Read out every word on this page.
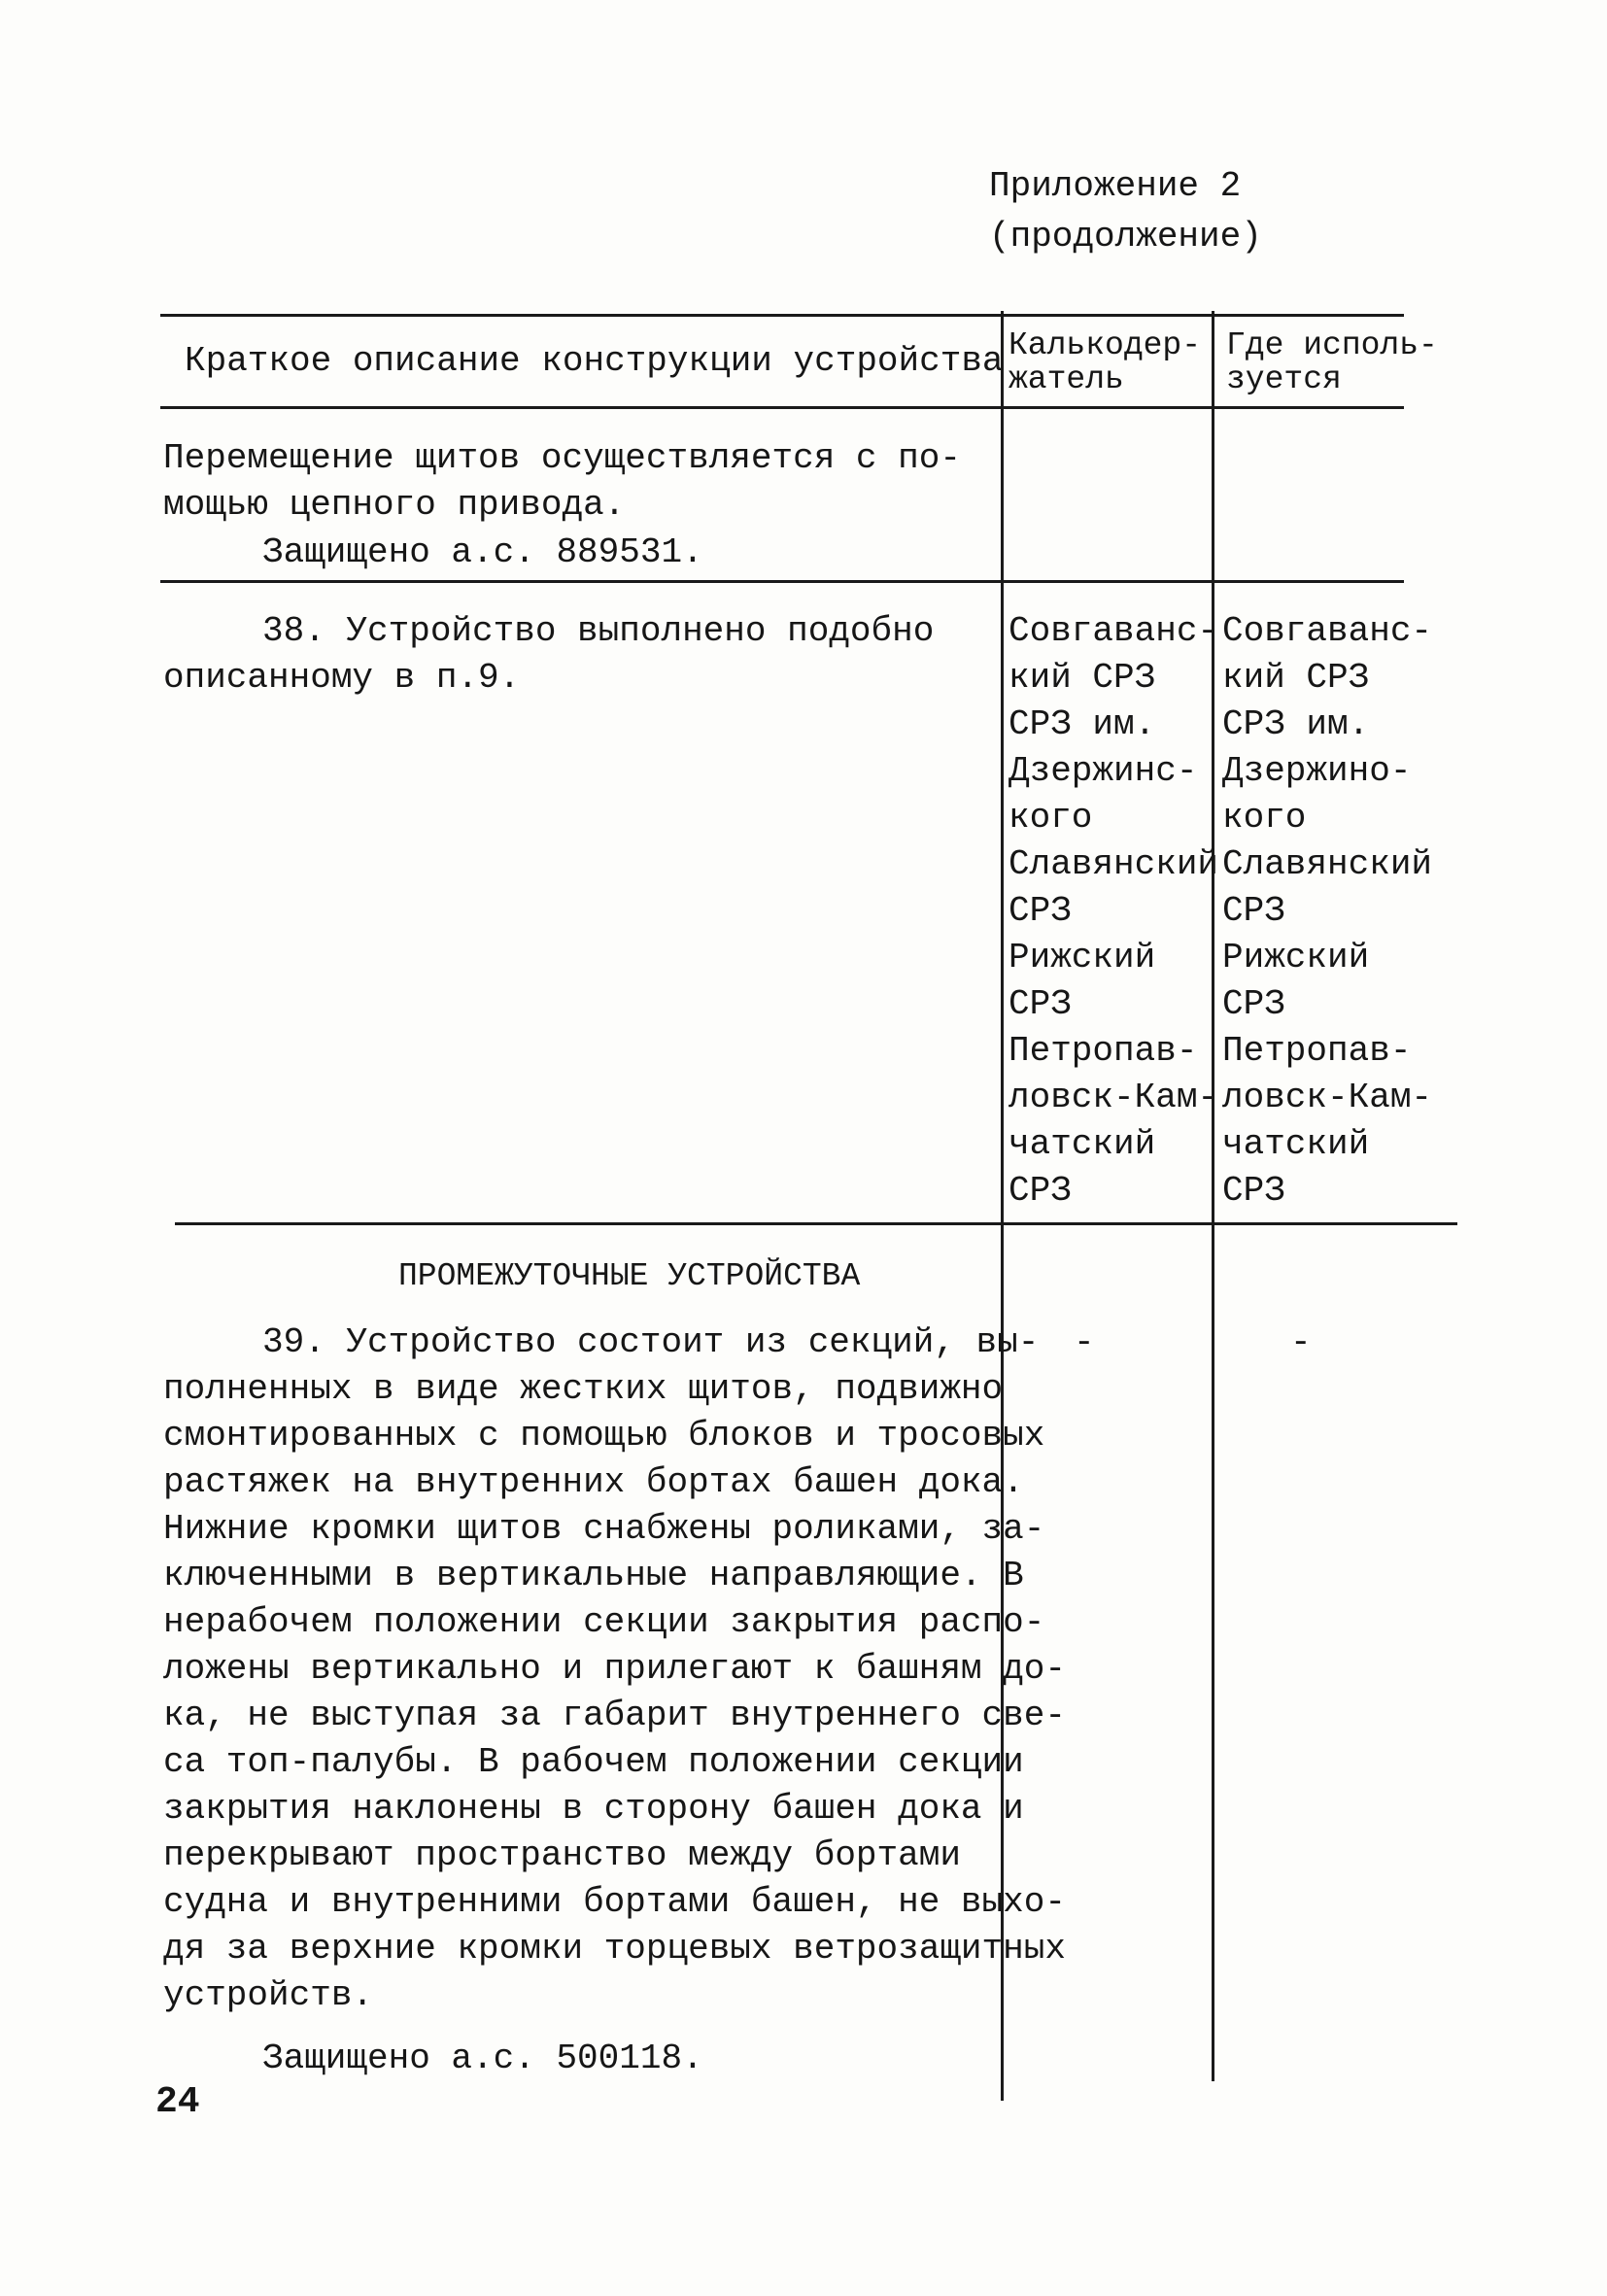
Приложение 2
(продолжение)
Краткое описание конструкции устройства Калькодер-
жатель
Где исполь-
зуется
Перемещение щитов осуществляется с по-
мощью цепного привода.
Защищено а.с. 889531.
38. Устройство выполнено подобно
описанному в п.9.
Совгаванс-
кий СРЗ
СРЗ им.
Дзержинс-
кого
Славянский
СРЗ
Рижский
СРЗ
Петропав-
ловск-Кам-
чатский
СРЗ
Совгаванс-
кий СРЗ
СРЗ им.
Дзержино-
кого
Славянский
СРЗ
Рижский
СРЗ
Петропав-
ловск-Кам-
чатский
СРЗ
ПРОМЕЖУТОЧНЫЕ УСТРОЙСТВА
39. Устройство состоит из секций, вы-
полненных в виде жестких щитов, подвижно
смонтированных с помощью блоков и тросовых
растяжек на внутренних бортах башен дока.
Нижние кромки щитов снабжены роликами, за-
ключенными в вертикальные направляющие. В
нерабочем положении секции закрытия распо-
ложены вертикально и прилегают к башням до-
ка, не выступая за габарит внутреннего све-
са топ-палубы. В рабочем положении секции
закрытия наклонены в сторону башен дока и
перекрывают пространство между бортами
судна и внутренними бортами башен, не выхо-
дя за верхние кромки торцевых ветрозащитных
устройств.
Защищено а.с. 500118.
-	-
24
